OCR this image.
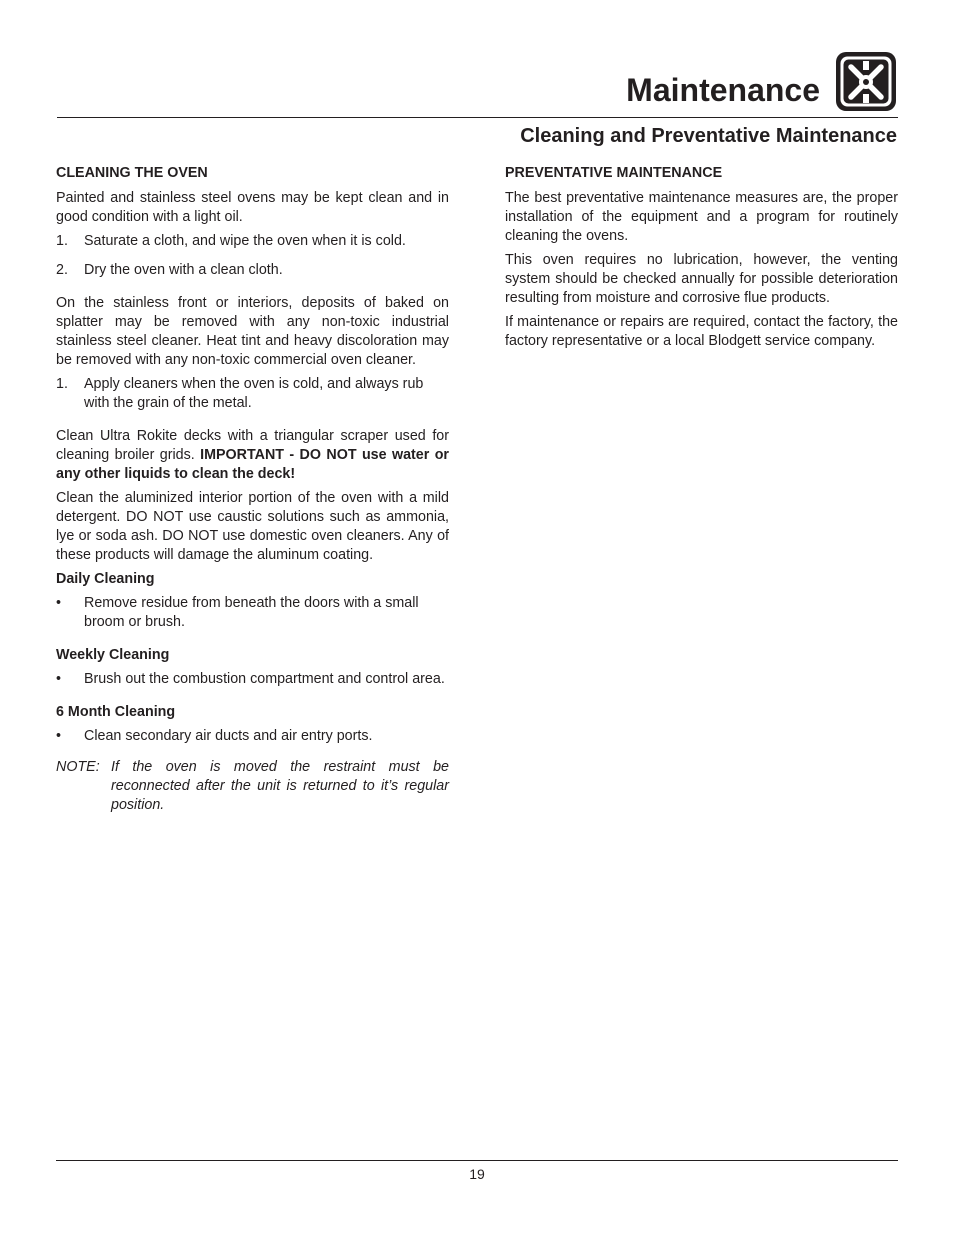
Maintenance
Cleaning and Preventative Maintenance
CLEANING THE OVEN

Painted and stainless steel ovens may be kept clean and in good condition with a light oil.

1. Saturate a cloth, and wipe the oven when it is cold.
2. Dry the oven with a clean cloth.

On the stainless front or interiors, deposits of baked on splatter may be removed with any non-toxic industrial stainless steel cleaner. Heat tint and heavy discoloration may be removed with any non-toxic commercial oven cleaner.

1. Apply cleaners when the oven is cold, and always rub with the grain of the metal.

Clean Ultra Rokite decks with a triangular scraper used for cleaning broiler grids. IMPORTANT - DO NOT use water or any other liquids to clean the deck!

Clean the aluminized interior portion of the oven with a mild detergent. DO NOT use caustic solutions such as ammonia, lye or soda ash. DO NOT use domestic oven cleaners. Any of these products will damage the aluminum coating.

Daily Cleaning
• Remove residue from beneath the doors with a small broom or brush.
Weekly Cleaning
• Brush out the combustion compartment and control area.
6 Month Cleaning
• Clean secondary air ducts and air entry ports.
NOTE: If the oven is moved the restraint must be reconnected after the unit is returned to it’s regular position.
PREVENTATIVE MAINTENANCE

The best preventative maintenance measures are, the proper installation of the equipment and a program for routinely cleaning the ovens.

This oven requires no lubrication, however, the venting system should be checked annually for possible deterioration resulting from moisture and corrosive flue products.

If maintenance or repairs are required, contact the factory, the factory representative or a local Blodgett service company.

19
